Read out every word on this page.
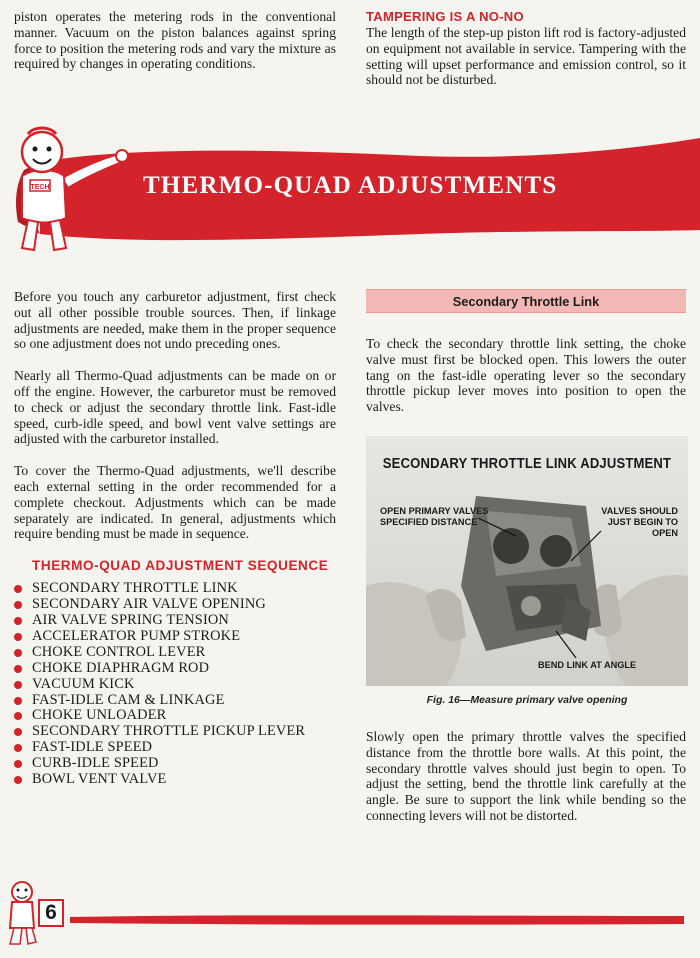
piston operates the metering rods in the conventional manner. Vacuum on the piston balances against spring force to position the metering rods and vary the mixture as required by changes in operating conditions.

TAMPERING IS A NO-NO

The length of the step-up piston lift rod is factory-adjusted on equipment not available in service. Tampering with the setting will upset performance and emission control, so it should not be disturbed.

TECH	THERMO-QUAD ADJUSTMENTS

Before you touch any carburetor adjustment, first check out all other possible trouble sources. Then, if linkage adjustments are needed, make them in the proper sequence so one adjustment does not undo preceding ones.

Nearly all Thermo-Quad adjustments can be made on or off the engine. However, the carburetor must be removed to check or adjust the secondary throttle link. Fast-idle speed, curb-idle speed, and bowl vent valve settings are adjusted with the carburetor installed.

To cover the Thermo-Quad adjustments, we'll describe each external setting in the order recommended for a complete checkout. Adjustments which can be made separately are indicated. In general, adjustments which require bending must be made in sequence.

THERMO-QUAD ADJUSTMENT SEQUENCE
SECONDARY THROTTLE LINK
SECONDARY AIR VALVE OPENING
AIR VALVE SPRING TENSION
ACCELERATOR PUMP STROKE
CHOKE CONTROL LEVER
CHOKE DIAPHRAGM ROD
VACUUM KICK
FAST-IDLE CAM & LINKAGE
CHOKE UNLOADER
SECONDARY THROTTLE PICKUP LEVER
FAST-IDLE SPEED
CURB-IDLE SPEED
BOWL VENT VALVE
Secondary Throttle Link

To check the secondary throttle link setting, the choke valve must first be blocked open. This lowers the outer tang on the fast-idle operating lever so the secondary throttle pickup lever moves into position to open the valves.

SECONDARY THROTTLE LINK ADJUSTMENT
OPEN PRIMARY VALVES SPECIFIED DISTANCE
VALVES SHOULD JUST BEGIN TO OPEN
BEND LINK AT ANGLE
Fig. 16—Measure primary valve opening

Slowly open the primary throttle valves the specified distance from the throttle bore walls. At this point, the secondary throttle valves should just begin to open. To adjust the setting, bend the throttle link carefully at the angle. Be sure to support the link while bending so the connecting levers will not be distorted.

6
